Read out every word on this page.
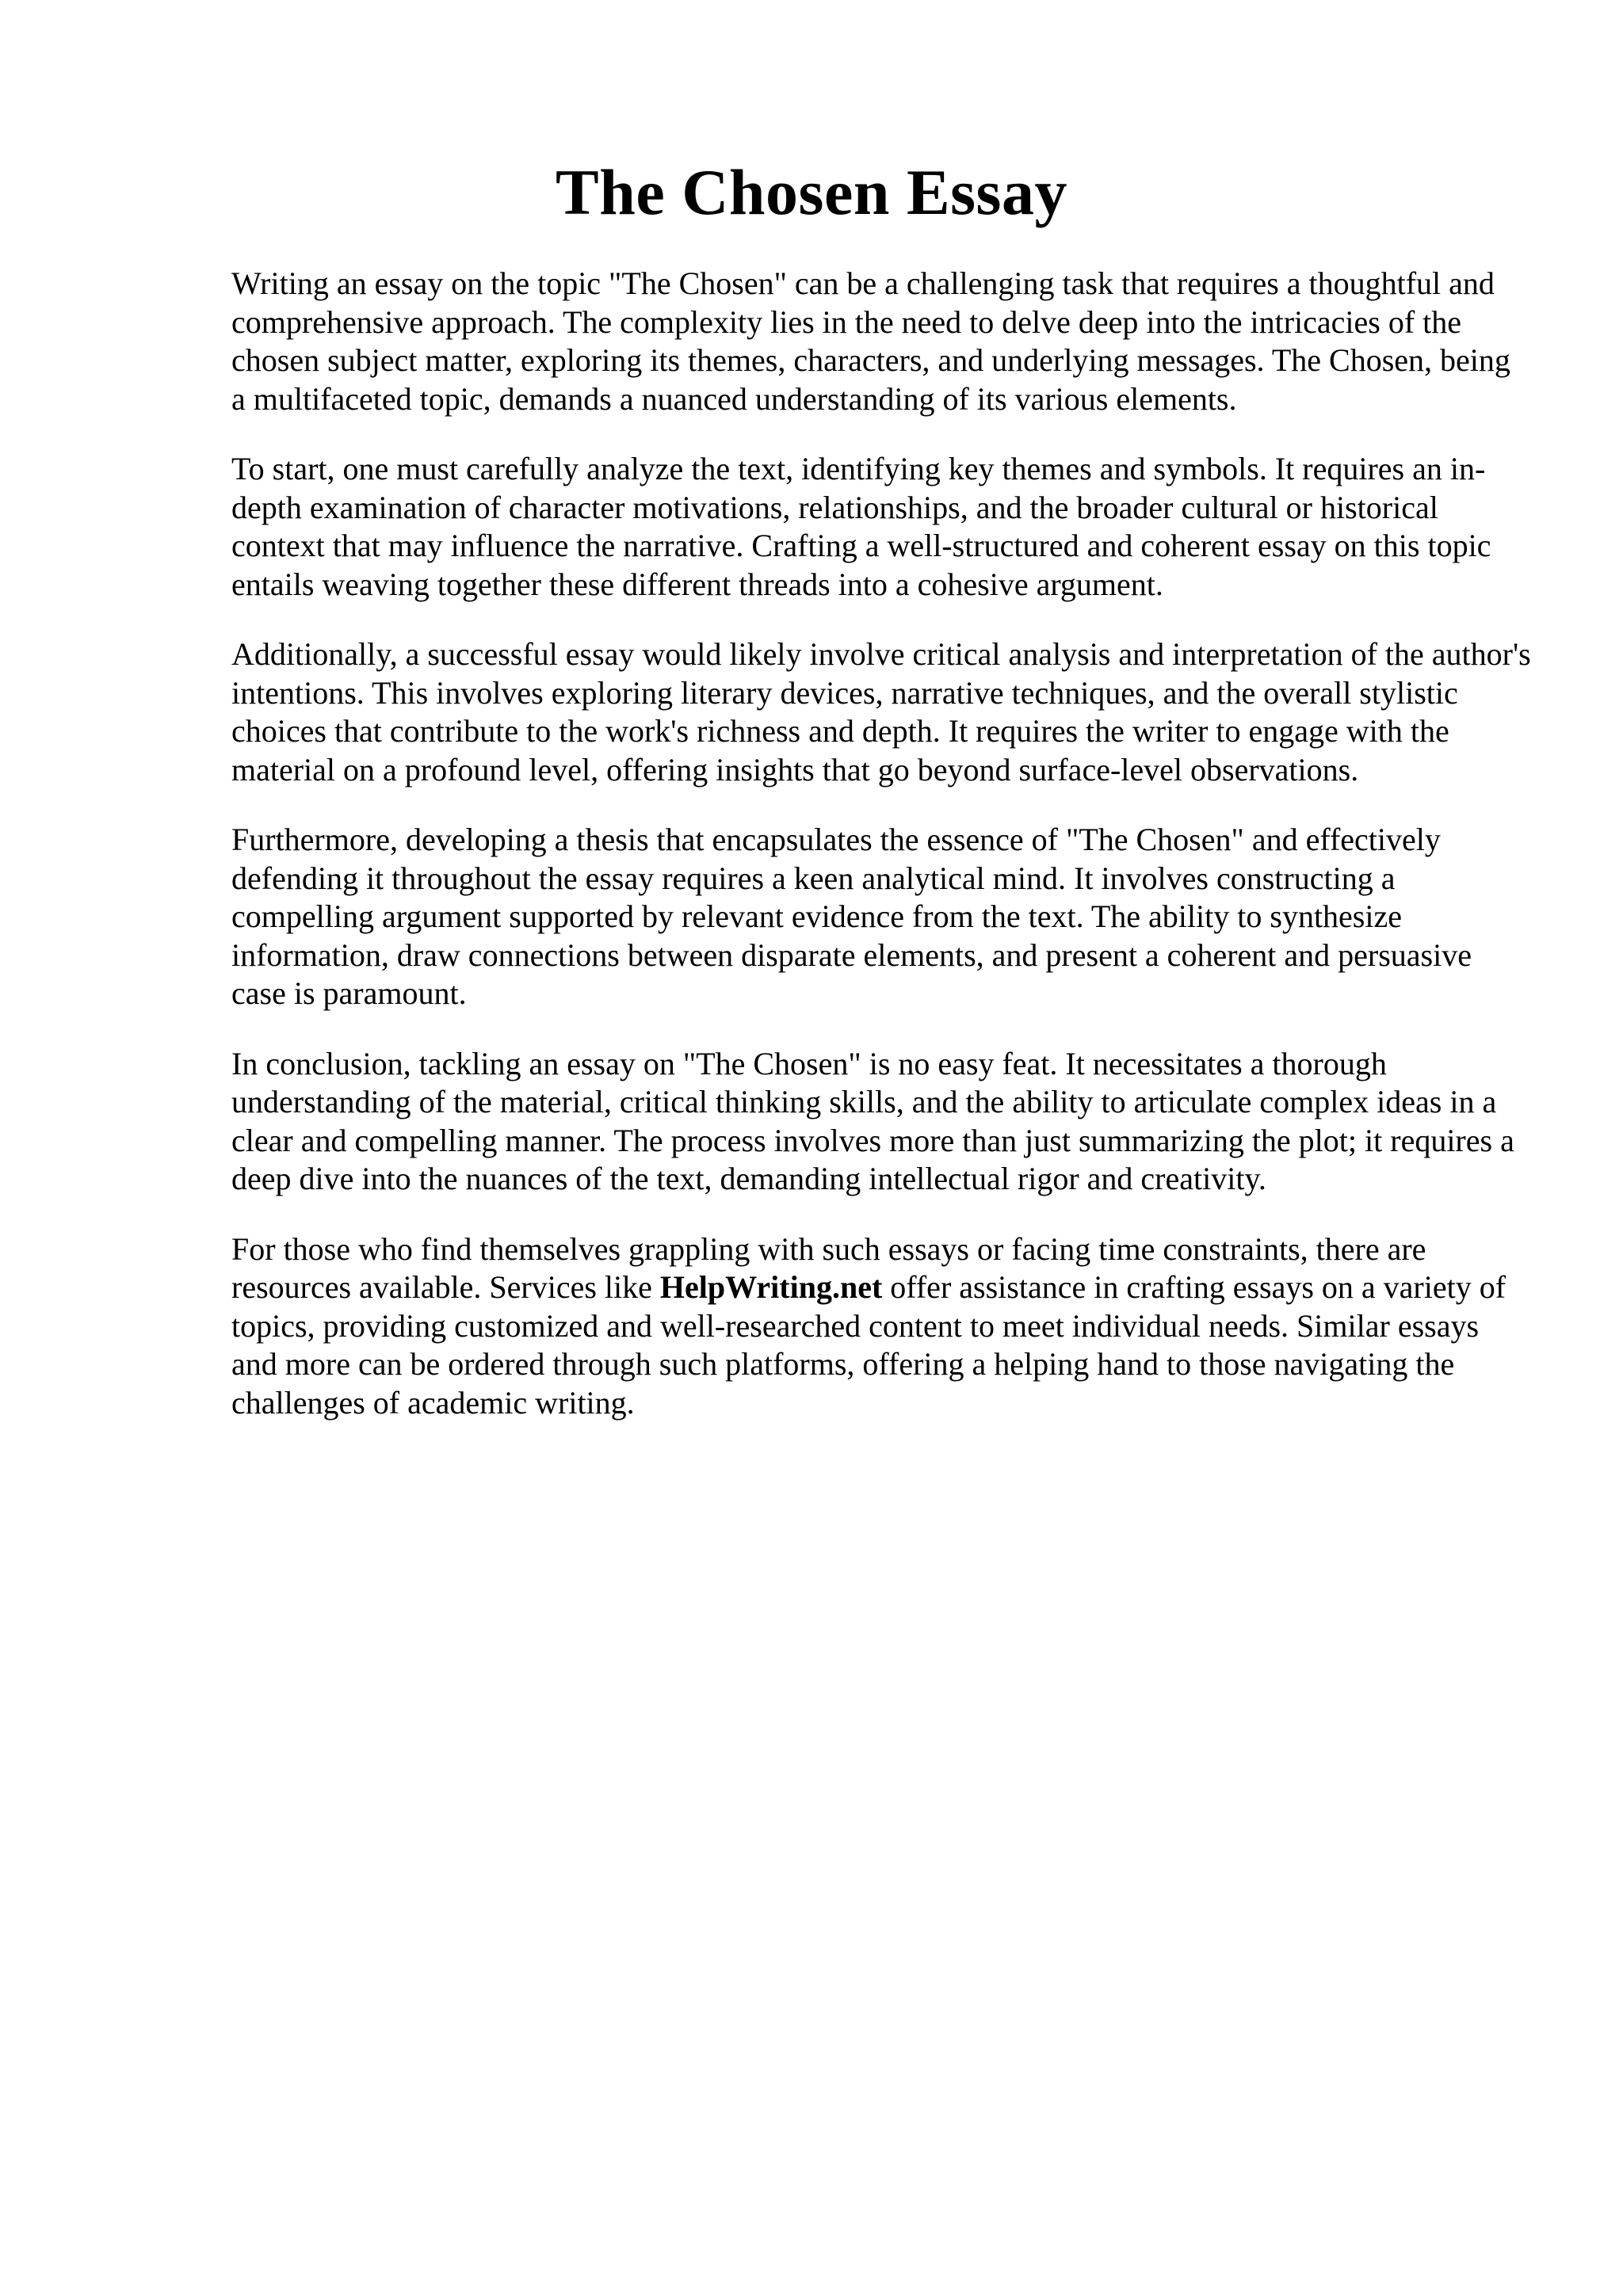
The Chosen Essay

Writing an essay on the topic "The Chosen" can be a challenging task that requires a thoughtful and comprehensive approach. The complexity lies in the need to delve deep into the intricacies of the chosen subject matter, exploring its themes, characters, and underlying messages. The Chosen, being a multifaceted topic, demands a nuanced understanding of its various elements.

To start, one must carefully analyze the text, identifying key themes and symbols. It requires an in-depth examination of character motivations, relationships, and the broader cultural or historical context that may influence the narrative. Crafting a well-structured and coherent essay on this topic entails weaving together these different threads into a cohesive argument.

Additionally, a successful essay would likely involve critical analysis and interpretation of the author's intentions. This involves exploring literary devices, narrative techniques, and the overall stylistic choices that contribute to the work's richness and depth. It requires the writer to engage with the material on a profound level, offering insights that go beyond surface-level observations.

Furthermore, developing a thesis that encapsulates the essence of "The Chosen" and effectively defending it throughout the essay requires a keen analytical mind. It involves constructing a compelling argument supported by relevant evidence from the text. The ability to synthesize information, draw connections between disparate elements, and present a coherent and persuasive case is paramount.

In conclusion, tackling an essay on "The Chosen" is no easy feat. It necessitates a thorough understanding of the material, critical thinking skills, and the ability to articulate complex ideas in a clear and compelling manner. The process involves more than just summarizing the plot; it requires a deep dive into the nuances of the text, demanding intellectual rigor and creativity.

For those who find themselves grappling with such essays or facing time constraints, there are resources available. Services like HelpWriting.net offer assistance in crafting essays on a variety of topics, providing customized and well-researched content to meet individual needs. Similar essays and more can be ordered through such platforms, offering a helping hand to those navigating the challenges of academic writing.
